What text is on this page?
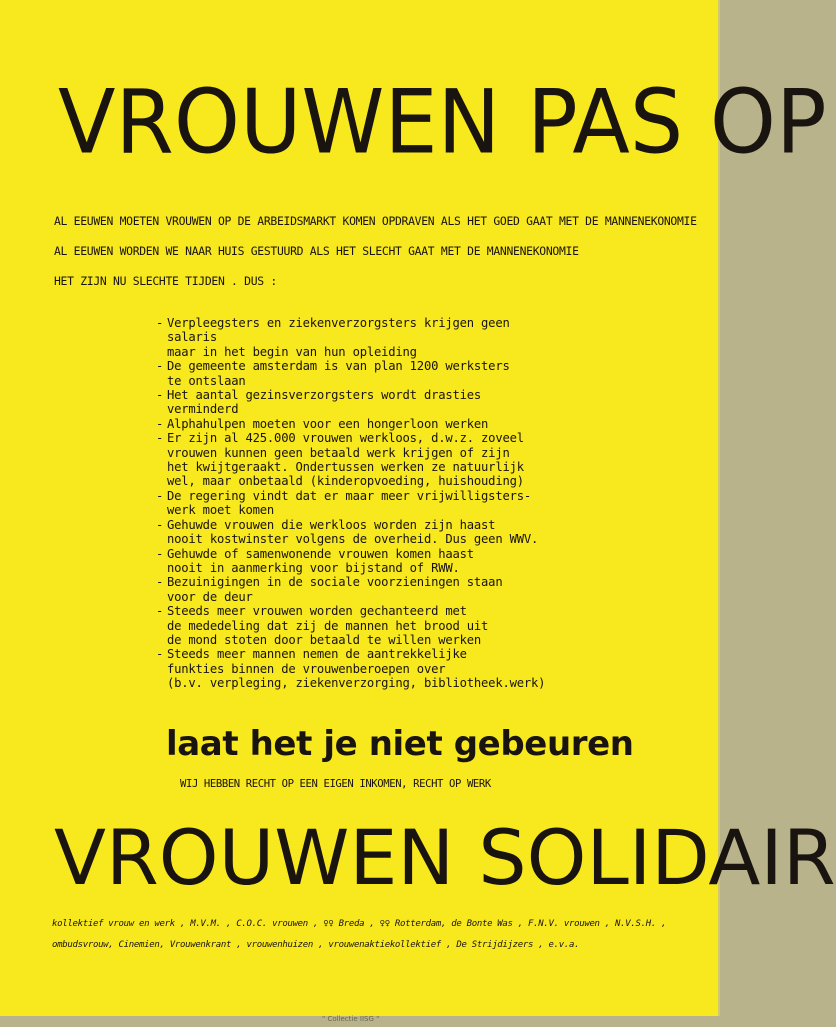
VROUWEN PAS OP
AL EEUWEN MOETEN VROUWEN OP DE ARBEIDSMARKT KOMEN OPDRAVEN ALS HET GOED GAAT MET DE MANNENEKONOMIE
AL EEUWEN WORDEN WE NAAR HUIS GESTUURD ALS HET SLECHT GAAT MET DE MANNENEKONOMIE
HET ZIJN NU SLECHTE TIJDEN . DUS :
- Verpleegsters en ziekenverzorgsters krijgen geen salaris
maar in het begin van hun opleiding
- De gemeente amsterdam is van plan 1200 werksters
te ontslaan
- Het aantal gezinsverzorgsters wordt drasties
verminderd
- Alphahulpen moeten voor een hongerloon werken
- Er zijn al 425.000 vrouwen werkloos, d.w.z. zoveel
vrouwen kunnen geen betaald werk krijgen of zijn
het kwijtgeraakt. Ondertussen werken ze natuurlijk
wel, maar onbetaald (kinderopvoeding, huishouding)
- De regering vindt dat er maar meer vrijwilligsters-
werk moet komen
- Gehuwde vrouwen die werkloos worden zijn haast
nooit kostwinster volgens de overheid. Dus geen WWV.
- Gehuwde of samenwonende vrouwen komen haast
nooit in aanmerking voor bijstand of RWW.
- Bezuinigingen in de sociale voorzieningen staan
voor de deur
- Steeds meer vrouwen worden gechanteerd met
de mededeling dat zij de mannen het brood uit
de mond stoten door betaald te willen werken
- Steeds meer mannen nemen de aantrekkelijke
funkties binnen de vrouwenberoepen over
(b.v. verpleging, ziekenverzorging, bibliotheek.werk)
laat het je niet gebeuren
WIJ HEBBEN RECHT OP EEN EIGEN INKOMEN, RECHT OP WERK
VROUWEN SOLIDAIR
kollektief vrouw en werk , M.V.M. , C.O.C. vrouwen , ♀♀ Breda , ♀♀ Rotterdam, de Bonte Was , F.N.V. vrouwen , N.V.S.H. ,
ombudsvrouw, Cinemien, Vrouwenkrant , vrouwenhuizen , vrouwenaktiekollektief , De Strijdijzers , e.v.a.
" Collectie IISG "
